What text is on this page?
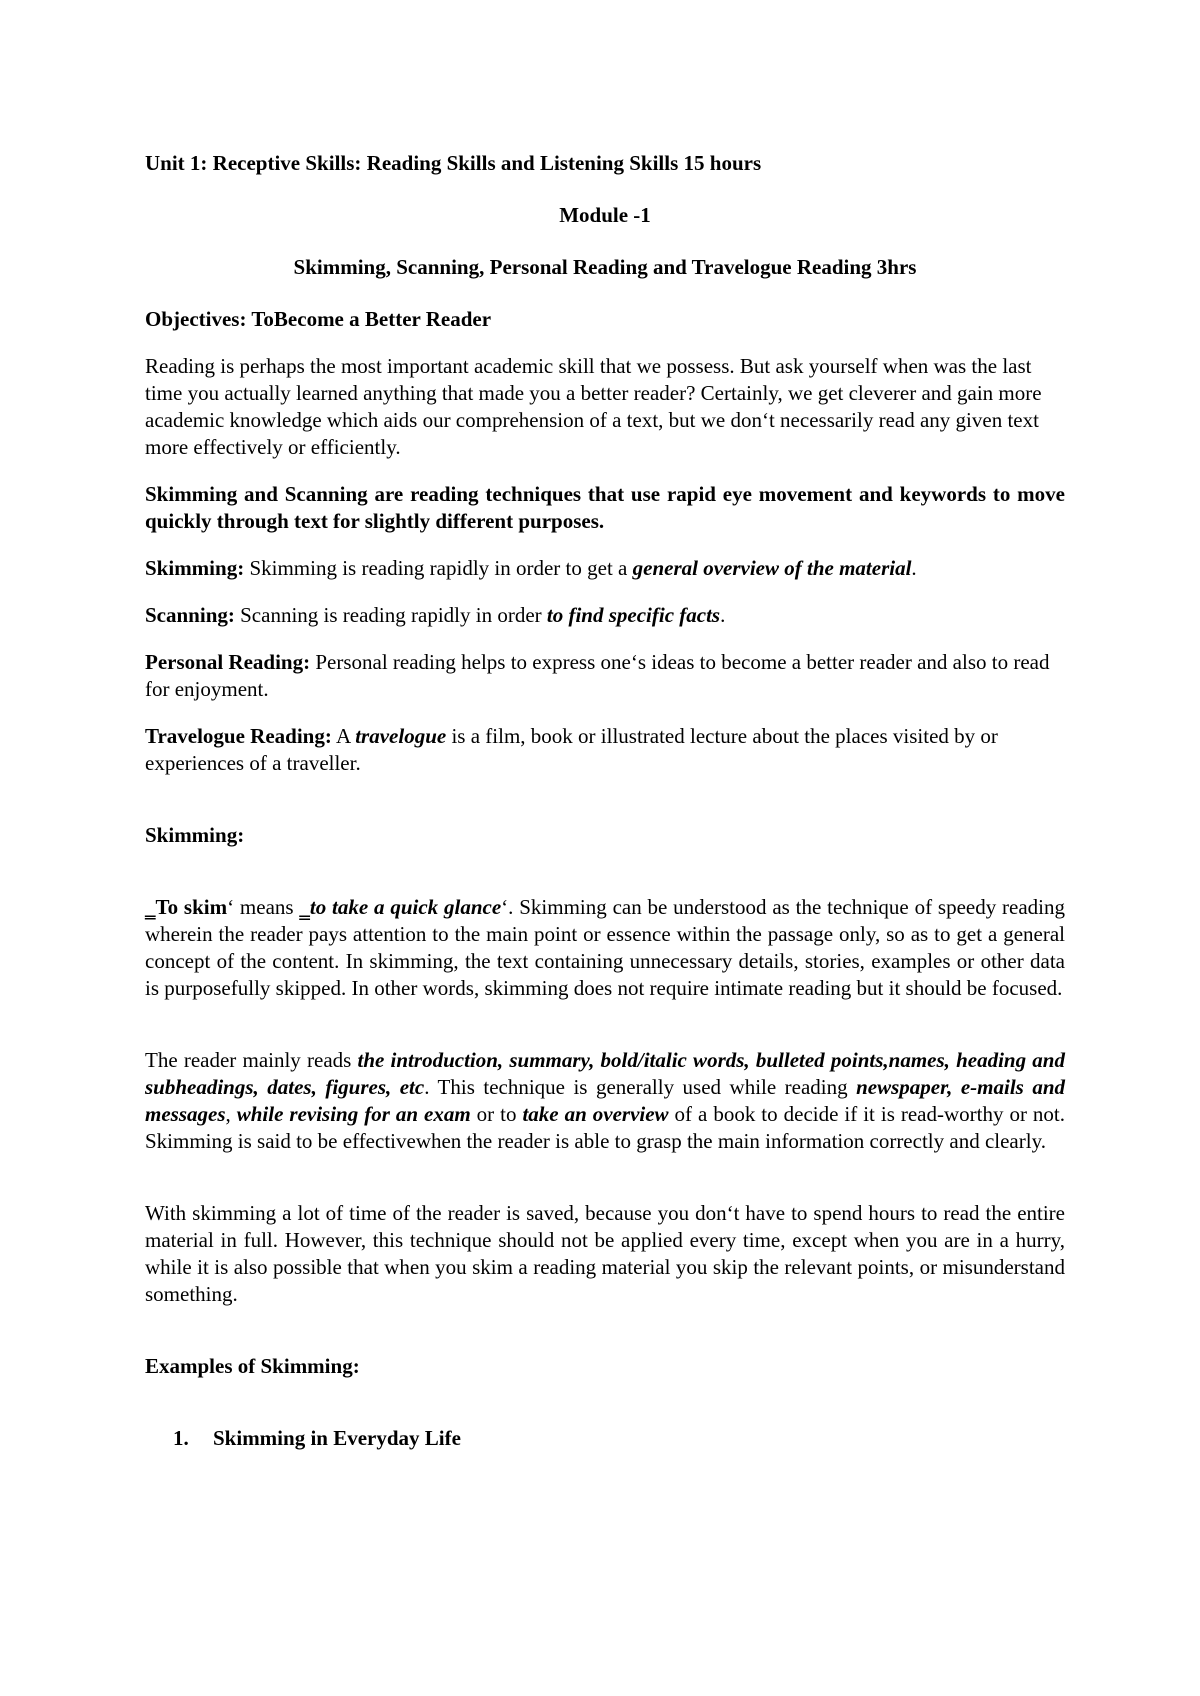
Unit 1: Receptive Skills: Reading Skills and Listening Skills 15 hours

Module -1

Skimming, Scanning, Personal Reading and Travelogue Reading 3hrs

Objectives: ToBecome a Better Reader

Reading is perhaps the most important academic skill that we possess. But ask yourself when was the last time you actually learned anything that made you a better reader? Certainly, we get cleverer and gain more academic knowledge which aids our comprehension of a text, but we don‘t necessarily read any given text more effectively or efficiently.

Skimming and Scanning are reading techniques that use rapid eye movement and keywords to move quickly through text for slightly different purposes.

Skimming: Skimming is reading rapidly in order to get a general overview of the material.

Scanning: Scanning is reading rapidly in order to find specific facts.

Personal Reading: Personal reading helps to express one‘s ideas to become a better reader and also to read for enjoyment.

Travelogue Reading: A travelogue is a film, book or illustrated lecture about the places visited by or experiences of a traveller.

Skimming:

‗To skim‘ means ‗to take a quick glance‘. Skimming can be understood as the technique of speedy reading wherein the reader pays attention to the main point or essence within the passage only, so as to get a general concept of the content. In skimming, the text containing unnecessary details, stories, examples or other data is purposefully skipped. In other words, skimming does not require intimate reading but it should be focused.

The reader mainly reads the introduction, summary, bold/italic words, bulleted points,names, heading and subheadings, dates, figures, etc. This technique is generally used while reading newspaper, e-mails and messages, while revising for an exam or to take an overview of a book to decide if it is read-worthy or not. Skimming is said to be effectivewhen the reader is able to grasp the main information correctly and clearly.

With skimming a lot of time of the reader is saved, because you don‘t have to spend hours to read the entire material in full. However, this technique should not be applied every time, except when you are in a hurry, while it is also possible that when you skim a reading material you skip the relevant points, or misunderstand something.

Examples of Skimming:

1.	Skimming in Everyday Life
